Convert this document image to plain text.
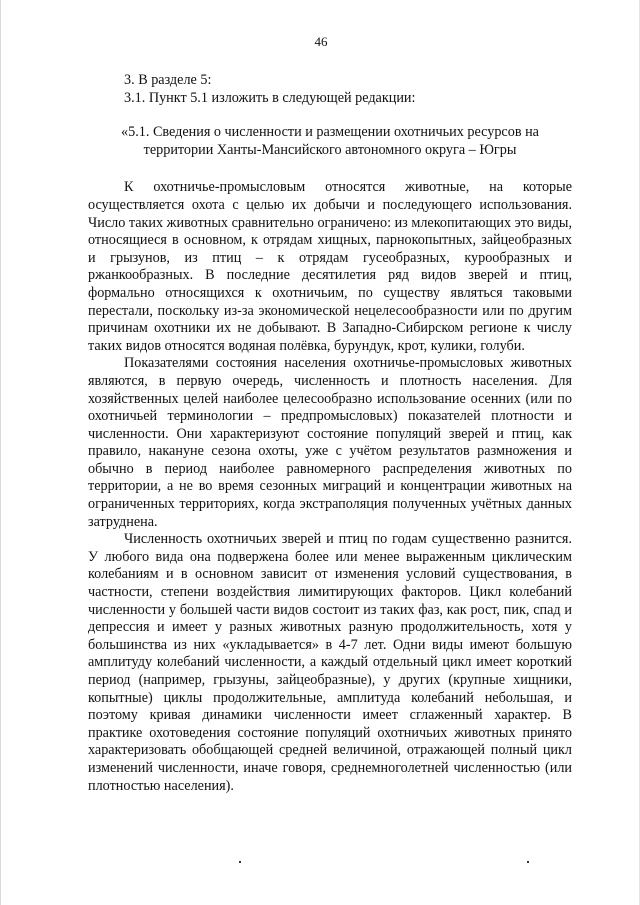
46

3. В разделе 5:

3.1. Пункт 5.1 изложить в следующей редакции:

«5.1. Сведения о численности и размещении охотничьих ресурсов на территории Ханты-Мансийского автономного округа – Югры

К охотничье-промысловым относятся животные, на которые осуществляется охота с целью их добычи и последующего использования. Число таких животных сравнительно ограничено: из млекопитающих это виды, относящиеся в основном, к отрядам хищных, парнокопытных, зайцеобразных и грызунов, из птиц – к отрядам гусеобразных, курообразных и ржанкообразных. В последние десятилетия ряд видов зверей и птиц, формально относящихся к охотничьим, по существу являться таковыми перестали, поскольку из-за экономической нецелесообразности или по другим причинам охотники их не добывают. В Западно-Сибирском регионе к числу таких видов относятся водяная полёвка, бурундук, крот, кулики, голуби.

Показателями состояния населения охотничье-промысловых животных являются, в первую очередь, численность и плотность населения. Для хозяйственных целей наиболее целесообразно использование осенних (или по охотничьей терминологии – предпромысловых) показателей плотности и численности. Они характеризуют состояние популяций зверей и птиц, как правило, накануне сезона охоты, уже с учётом результатов размножения и обычно в период наиболее равномерного распределения животных по территории, а не во время сезонных миграций и концентрации животных на ограниченных территориях, когда экстраполяция полученных учётных данных затруднена.

Численность охотничьих зверей и птиц по годам существенно разнится. У любого вида она подвержена более или менее выраженным циклическим колебаниям и в основном зависит от изменения условий существования, в частности, степени воздействия лимитирующих факторов. Цикл колебаний численности у большей части видов состоит из таких фаз, как рост, пик, спад и депрессия и имеет у разных животных разную продолжительность, хотя у большинства из них «укладывается» в 4-7 лет. Одни виды имеют большую амплитуду колебаний численности, а каждый отдельный цикл имеет короткий период (например, грызуны, зайцеобразные), у других (крупные хищники, копытные) циклы продолжительные, амплитуда колебаний небольшая, и поэтому кривая динамики численности имеет сглаженный характер. В практике охотоведения состояние популяций охотничьих животных принято характеризовать обобщающей средней величиной, отражающей полный цикл изменений численности, иначе говоря, среднемноголетней численностью (или плотностью населения).
